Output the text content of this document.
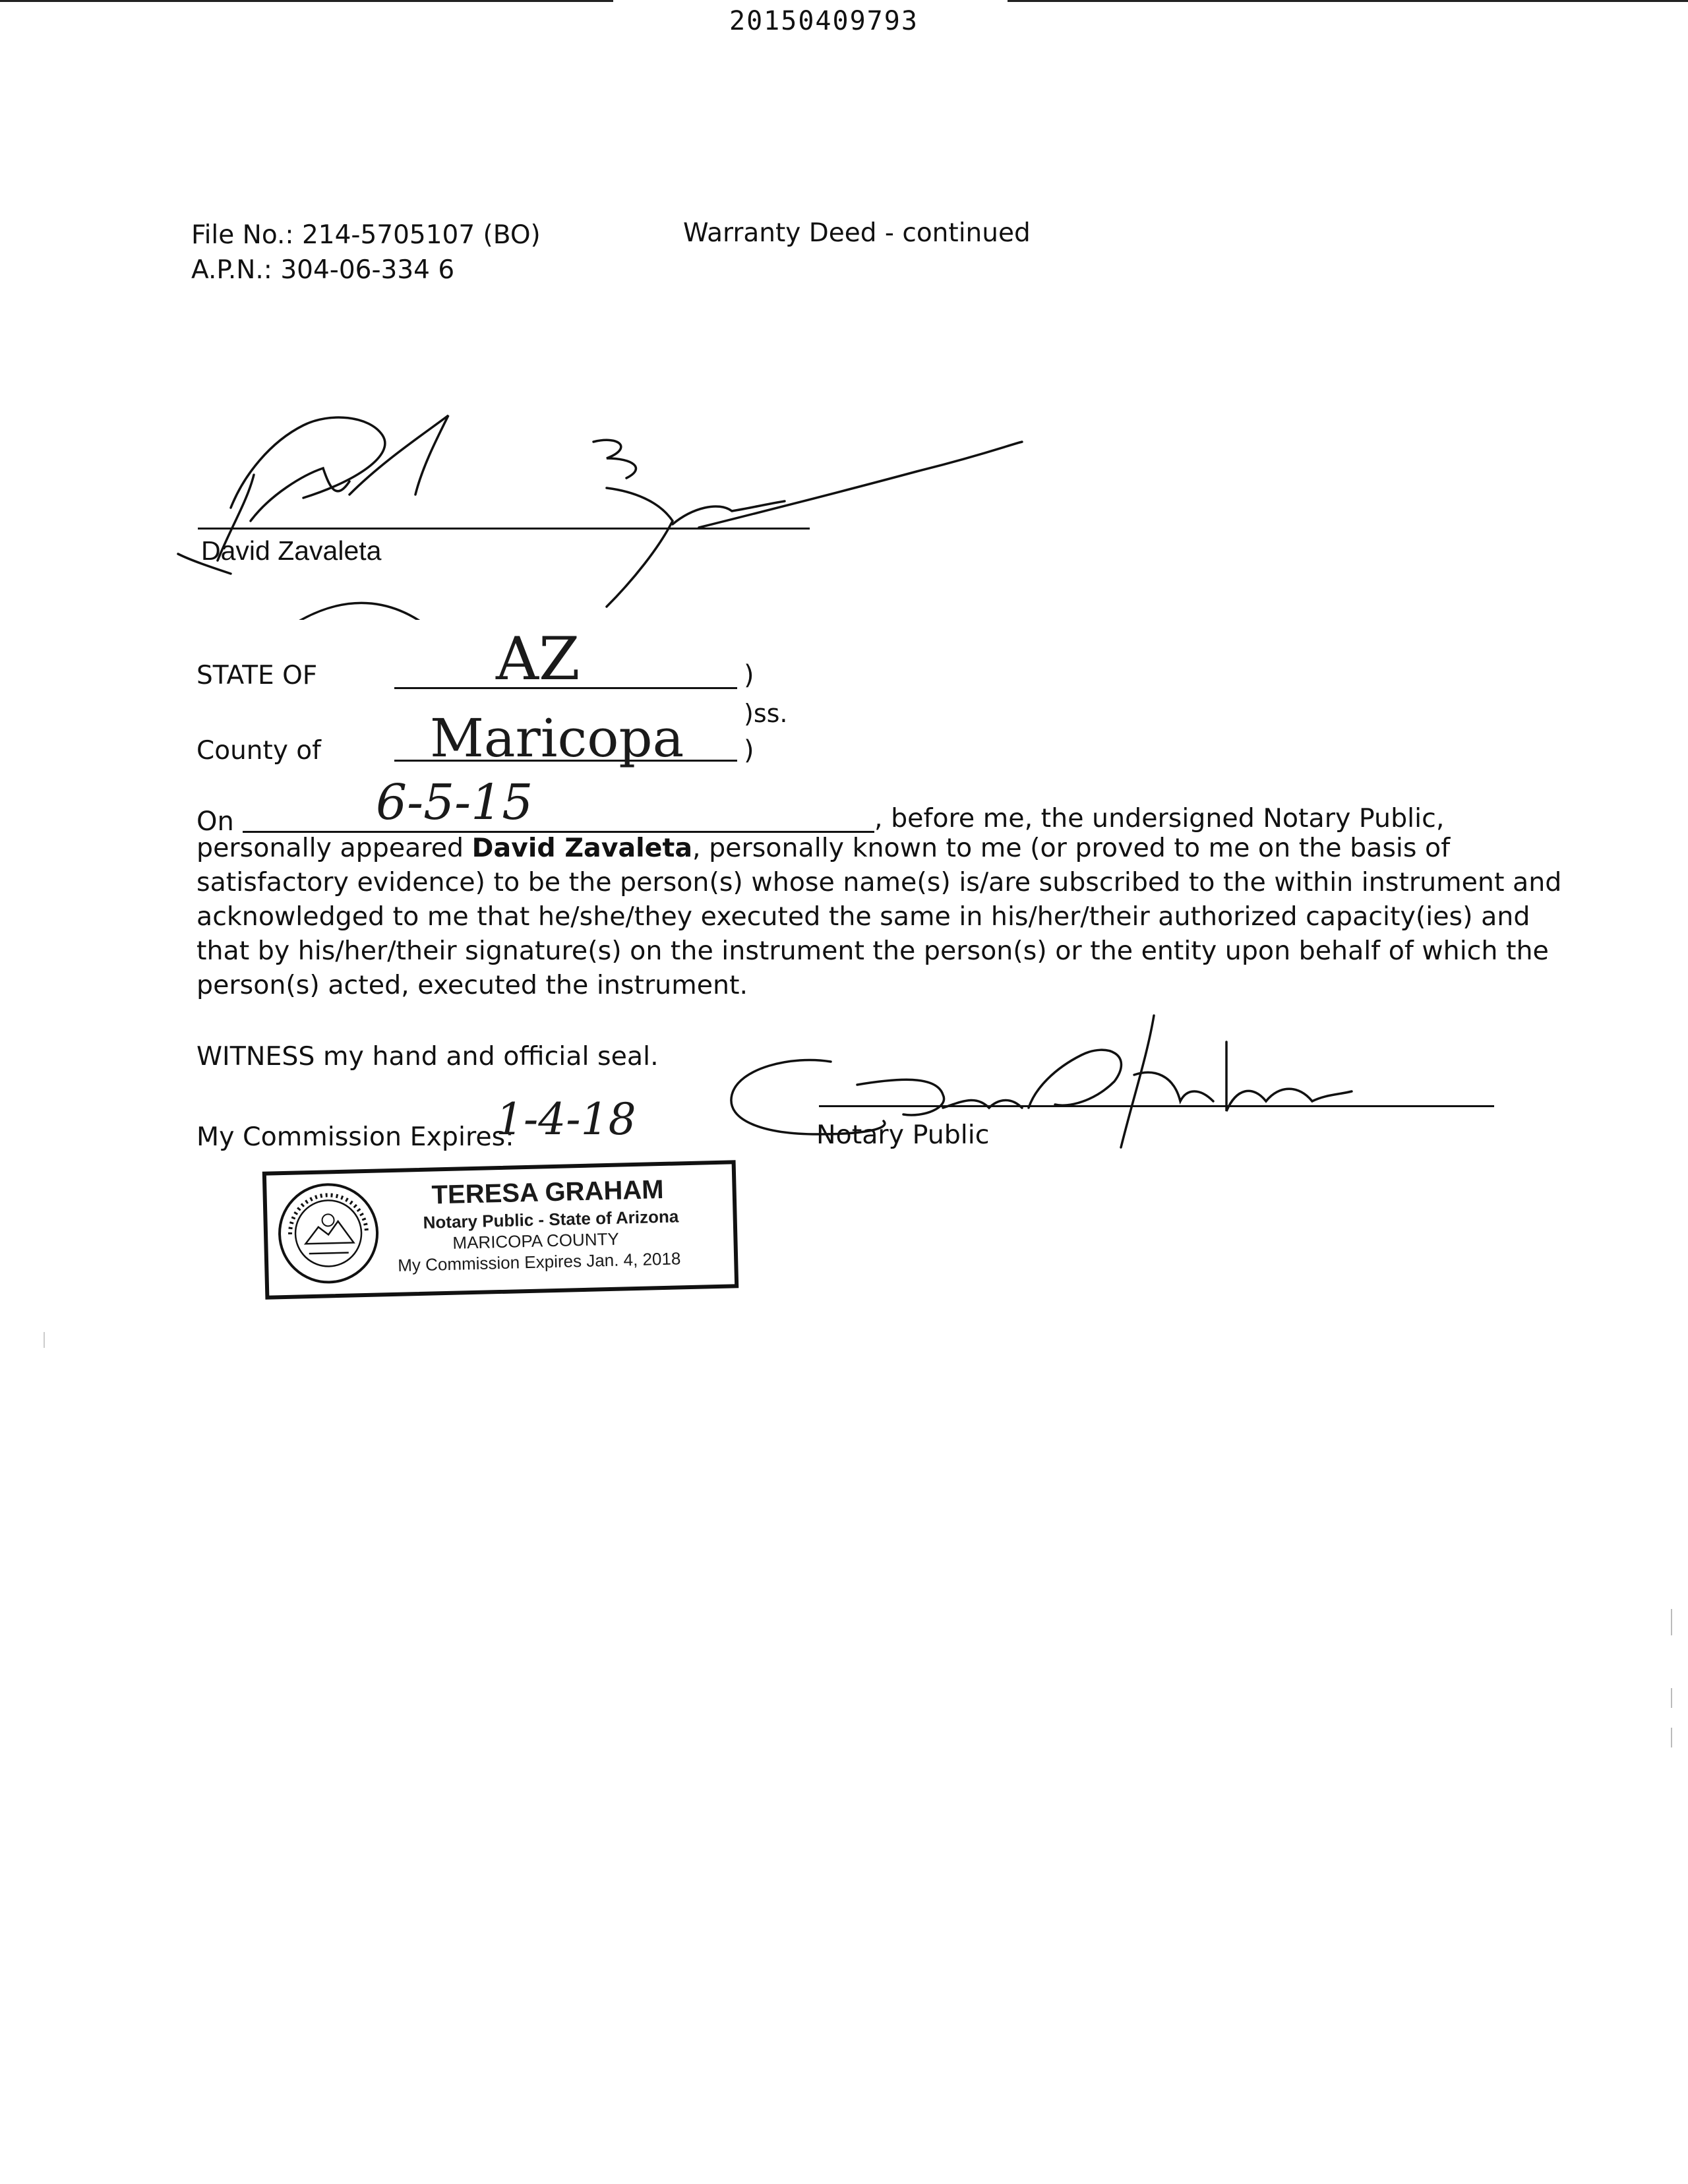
20150409793
File No.: 214-5705107 (BO)
A.P.N.: 304-06-334 6
Warranty Deed - continued
David Zavaleta
STATE OF	AZ	)
)ss.
County of Maricopa )
On	6-5-15	, before me, the undersigned Notary Public,

personally appeared David Zavaleta, personally known to me (or proved to me on the basis of

satisfactory evidence) to be the person(s) whose name(s) is/are subscribed to the within instrument and

acknowledged to me that he/she/they executed the same in his/her/their authorized capacity(ies) and

that by his/her/their signature(s) on the instrument the person(s) or the entity upon behalf of which the

person(s) acted, executed the instrument.

WITNESS my hand and official seal.
My Commission Expires:
1-4-18	Notary Public
TERESA GRAHAM
Notary Public - State of Arizona
MARICOPA COUNTY
My Commission Expires Jan. 4, 2018
